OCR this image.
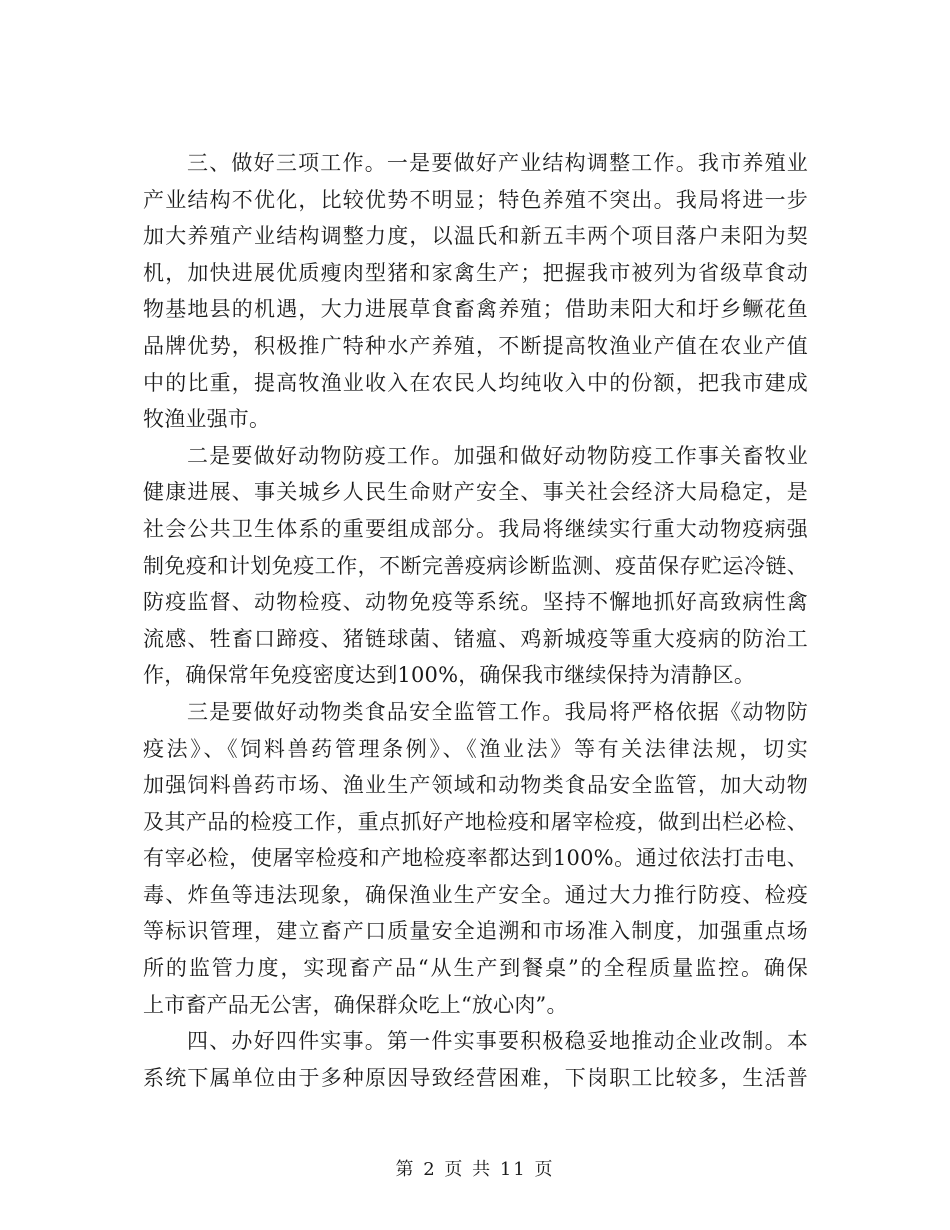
三、做好三项工作。一是要做好产业结构调整工作。我市养殖业
产业结构不优化，比较优势不明显；特色养殖不突出。我局将进一步
加大养殖产业结构调整力度，以温氏和新五丰两个项目落户耒阳为契
机，加快进展优质瘦肉型猪和家禽生产；把握我市被列为省级草食动
物基地县的机遇，大力进展草食畜禽养殖；借助耒阳大和圩乡鳜花鱼
品牌优势，积极推广特种水产养殖，不断提高牧渔业产值在农业产值
中的比重，提高牧渔业收入在农民人均纯收入中的份额，把我市建成
牧渔业强市。
二是要做好动物防疫工作。加强和做好动物防疫工作事关畜牧业
健康进展、事关城乡人民生命财产安全、事关社会经济大局稳定，是
社会公共卫生体系的重要组成部分。我局将继续实行重大动物疫病强
制免疫和计划免疫工作，不断完善疫病诊断监测、疫苗保存贮运冷链、
防疫监督、动物检疫、动物免疫等系统。坚持不懈地抓好高致病性禽
流感、牲畜口蹄疫、猪链球菌、锗瘟、鸡新城疫等重大疫病的防治工
作，确保常年免疫密度达到100%，确保我市继续保持为清静区。
三是要做好动物类食品安全监管工作。我局将严格依据《动物防
疫法》、《饲料兽药管理条例》、《渔业法》等有关法律法规，切实
加强饲料兽药市场、渔业生产领域和动物类食品安全监管，加大动物
及其产品的检疫工作，重点抓好产地检疫和屠宰检疫，做到出栏必检、
有宰必检，使屠宰检疫和产地检疫率都达到100%。通过依法打击电、
毒、炸鱼等违法现象，确保渔业生产安全。通过大力推行防疫、检疫
等标识管理，建立畜产口质量安全追溯和市场准入制度，加强重点场
所的监管力度，实现畜产品“从生产到餐桌”的全程质量监控。确保
上市畜产品无公害，确保群众吃上“放心肉”。
四、办好四件实事。第一件实事要积极稳妥地推动企业改制。本
系统下属单位由于多种原因导致经营困难，下岗职工比较多，生活普
第 2 页 共 11 页
